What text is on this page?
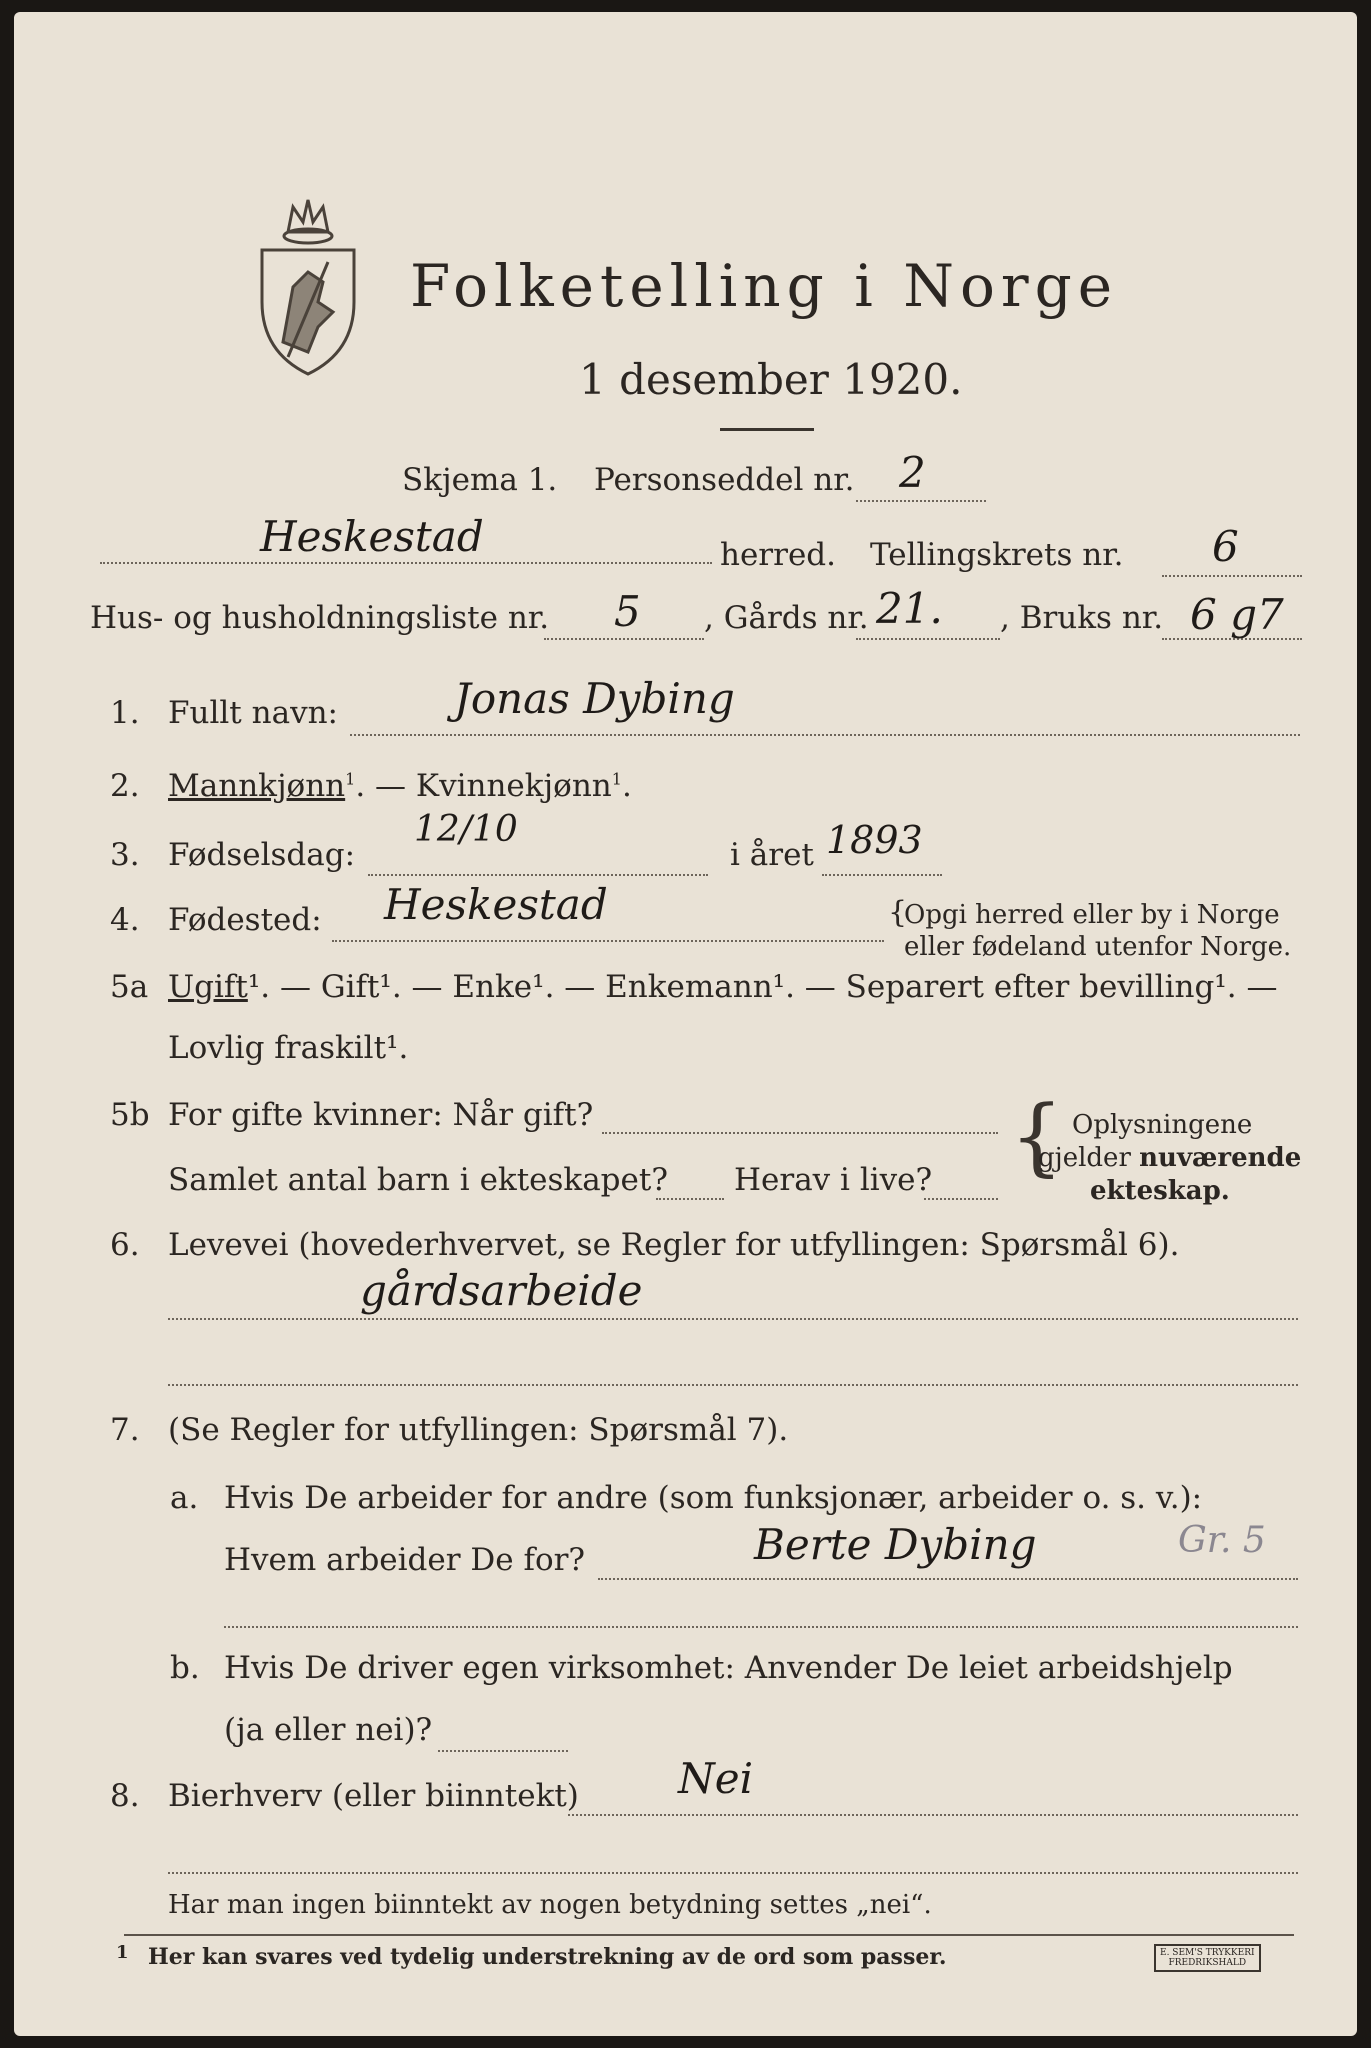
Folketelling i Norge
1 desember 1920.
Skjema 1. Personseddel nr. 2
Heskestad	herred. Tellingskrets nr. 6
Hus- og husholdningsliste nr. 5 , Gårds nr. 21. , Bruks nr. 6 g7
1. Fullt navn:	Jonas Dybing
2. Mannkjønn$^1$. — Kvinnekjønn$^1$.
3. Fødselsdag:
12/10
i året 1893
4. Fødested: Heskestad	{
Opgi herred eller by i Norge
eller fødeland utenfor Norge.
5a Ugift¹. — Gift¹. — Enke¹. — Enkemann¹. — Separert efter bevilling¹. —
Lovlig fraskilt¹.
5b For gifte kvinner: Når gift?
Samlet antal barn i ekteskapet? Herav i live? { Oplysningene
gjelder nuværende
ekteskap.
6. Levevei (hovederhvervet, se Regler for utfyllingen: Spørsmål 6).
gårdsarbeide
7. (Se Regler for utfyllingen: Spørsmål 7).
a. Hvis De arbeider for andre (som funksjonær, arbeider o. s. v.):
Hvem arbeider De for?	Berte Dybing	Gr. 5
b. Hvis De driver egen virksomhet: Anvender De leiet arbeidshjelp
(ja eller nei)?
8. Bierhverv (eller biinntekt) Nei
Har man ingen biinntekt av nogen betydning settes „nei“.
1 Her kan svares ved tydelig understrekning av de ord som passer.	E. SEM'S TRYKKERI
FREDRIKSHALD
